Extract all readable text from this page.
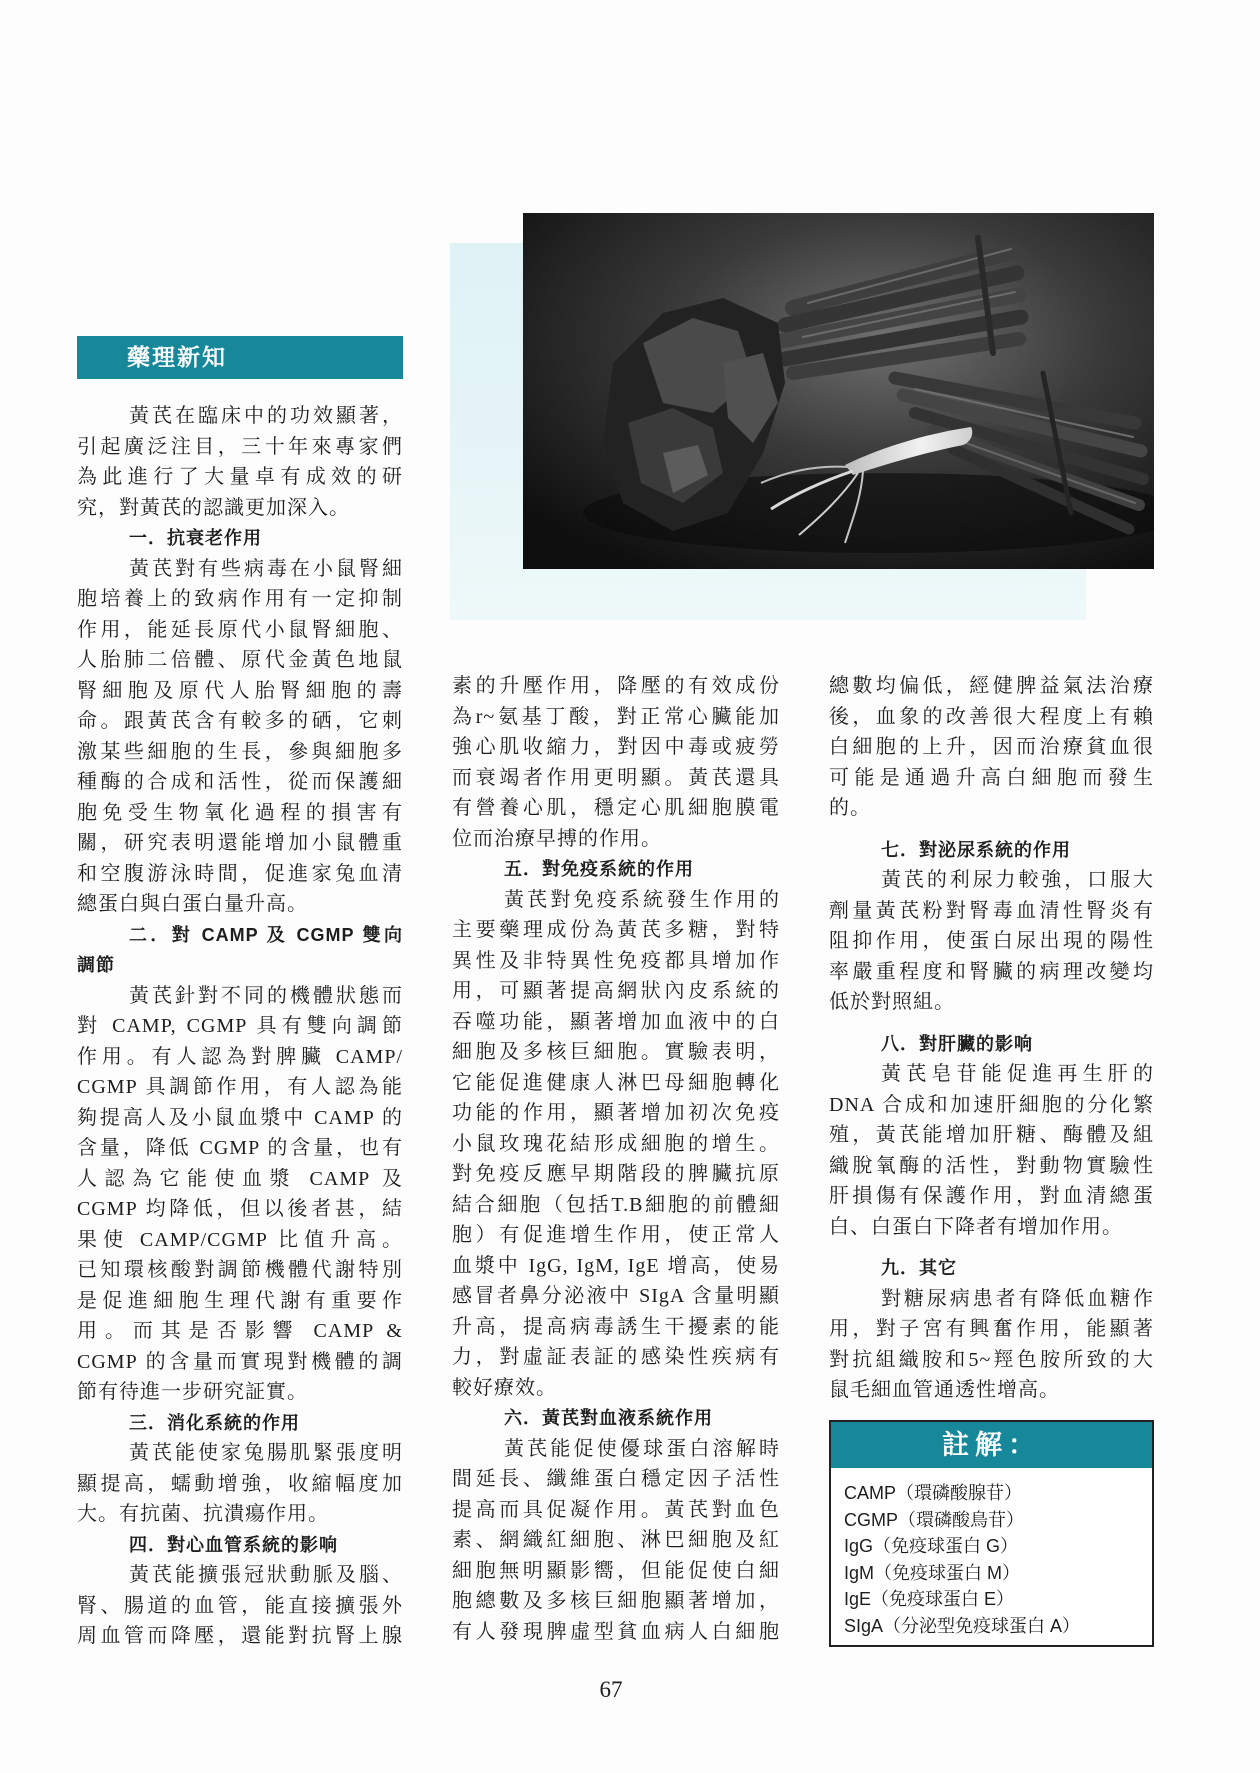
藥理新知
黃芪在臨床中的功效顯著，
引起廣泛注目，三十年來專家們
為此進行了大量卓有成效的研
究，對黃芪的認識更加深入。
一．抗衰老作用
黃芪對有些病毒在小鼠腎細
胞培養上的致病作用有一定抑制
作用，能延長原代小鼠腎細胞、
人胎肺二倍體、原代金黃色地鼠
腎細胞及原代人胎腎細胞的壽
命。跟黃芪含有較多的硒，它刺
激某些細胞的生長，參與細胞多
種酶的合成和活性，從而保護細
胞免受生物氧化過程的損害有
關，研究表明還能增加小鼠體重
和空腹游泳時間，促進家兔血清
總蛋白與白蛋白量升高。
二．對 CAMP 及 CGMP 雙向
調節
黃芪針對不同的機體狀態而
對 CAMP, CGMP 具有雙向調節
作用。有人認為對脾臟 CAMP/
CGMP 具調節作用，有人認為能
夠提高人及小鼠血漿中 CAMP 的
含量，降低 CGMP 的含量，也有
人認為它能使血漿 CAMP 及
CGMP 均降低，但以後者甚，結
果使 CAMP/CGMP 比值升高。
已知環核酸對調節機體代謝特別
是促進細胞生理代謝有重要作
用。而其是否影響 CAMP &
CGMP 的含量而實現對機體的調
節有待進一步研究証實。
三．消化系統的作用
黃芪能使家兔腸肌緊張度明
顯提高，蠕動增強，收縮幅度加
大。有抗菌、抗潰瘍作用。
四．對心血管系統的影响
黃芪能擴張冠狀動脈及腦、
腎、腸道的血管，能直接擴張外
周血管而降壓，還能對抗腎上腺
素的升壓作用，降壓的有效成份
為r~氨基丁酸，對正常心臟能加
強心肌收縮力，對因中毒或疲勞
而衰竭者作用更明顯。黃芪還具
有營養心肌，穩定心肌細胞膜電
位而治療早搏的作用。
五．對免疫系統的作用
黃芪對免疫系統發生作用的
主要藥理成份為黃芪多糖，對特
異性及非特異性免疫都具增加作
用，可顯著提高網狀內皮系統的
吞噬功能，顯著增加血液中的白
細胞及多核巨細胞。實驗表明，
它能促進健康人淋巴母細胞轉化
功能的作用，顯著增加初次免疫
小鼠玫瑰花結形成細胞的增生。
對免疫反應早期階段的脾臟抗原
結合細胞（包括T.B細胞的前體細
胞）有促進增生作用，使正常人
血漿中 IgG, IgM, IgE 增高，使易
感冒者鼻分泌液中 SIgA 含量明顯
升高，提高病毒誘生干擾素的能
力，對虛証表証的感染性疾病有
較好療效。
六．黃芪對血液系統作用
黃芪能促使優球蛋白溶解時
間延長、纖維蛋白穩定因子活性
提高而具促凝作用。黃芪對血色
素、網織紅細胞、淋巴細胞及紅
細胞無明顯影嚮，但能促使白細
胞總數及多核巨細胞顯著增加，
有人發現脾虛型貧血病人白細胞
總數均偏低，經健脾益氣法治療
後，血象的改善很大程度上有賴
白細胞的上升，因而治療貧血很
可能是通過升高白細胞而發生
的。
七．對泌尿系統的作用
黃芪的利尿力較強，口服大
劑量黃芪粉對腎毒血清性腎炎有
阻抑作用，使蛋白尿出現的陽性
率嚴重程度和腎臟的病理改變均
低於對照組。
八．對肝臟的影响
黃芪皂苷能促進再生肝的
DNA 合成和加速肝細胞的分化繁
殖，黃芪能增加肝糖、酶體及組
織脫氧酶的活性，對動物實驗性
肝損傷有保護作用，對血清總蛋
白、白蛋白下降者有增加作用。
九．其它
對糖尿病患者有降低血糖作
用，對子宮有興奮作用，能顯著
對抗組織胺和5~羥色胺所致的大
鼠毛細血管通透性增高。
註解：
CAMP（環磷酸腺苷）
CGMP（環磷酸鳥苷）
IgG（免疫球蛋白 G）
IgM（免疫球蛋白 M）
IgE（免疫球蛋白 E）
SIgA（分泌型免疫球蛋白 A）
67
